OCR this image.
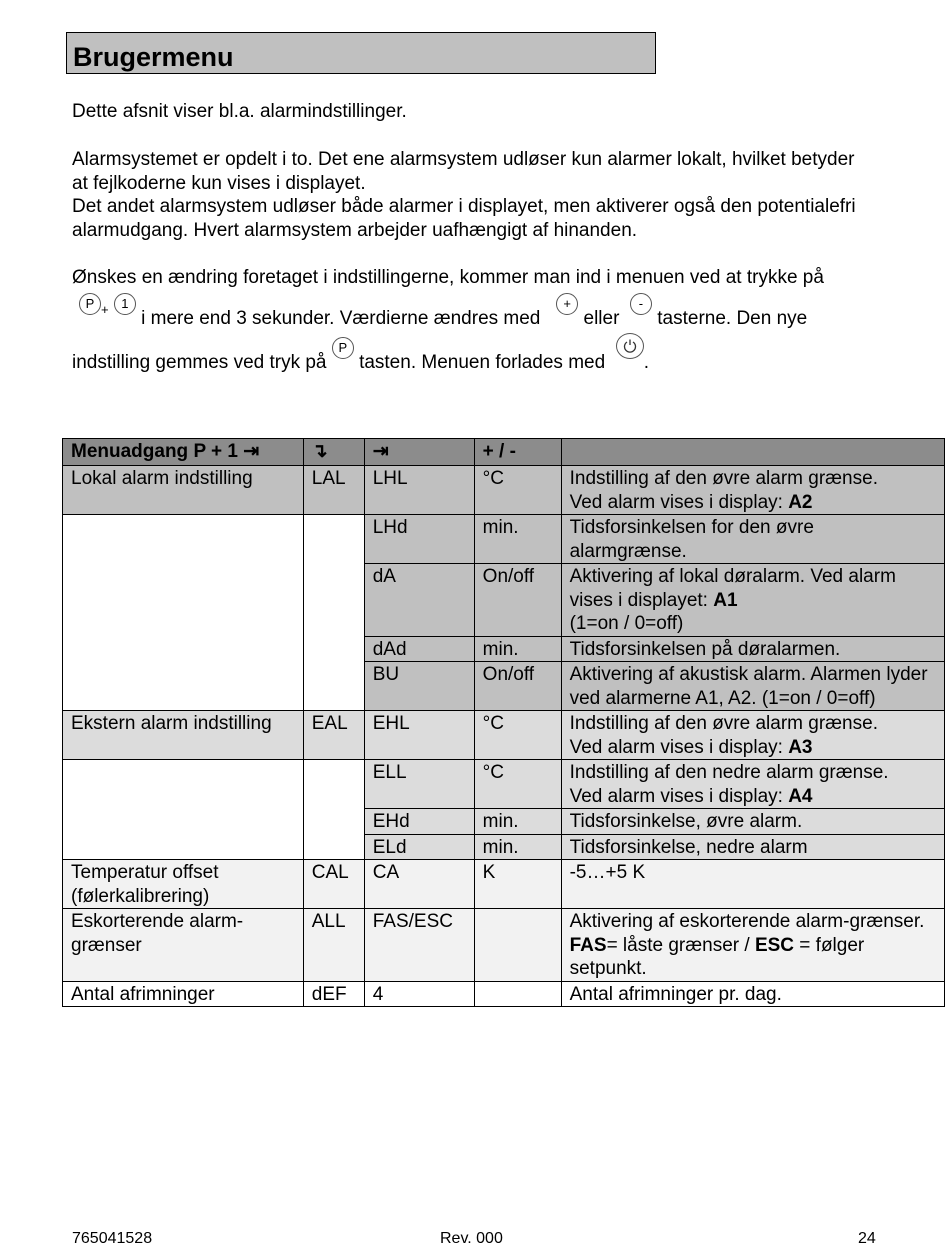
Brugermenu
Dette afsnit viser bl.a. alarmindstillinger.
Alarmsystemet er opdelt i to. Det ene alarmsystem udløser kun alarmer lokalt, hvilket betyder
at fejlkoderne kun vises i displayet.
Det andet alarmsystem udløser både alarmer i displayet, men aktiverer også den potentialefri
alarmudgang. Hvert alarmsystem arbejder uafhængigt af hinanden.
Ønskes en ændring foretaget i indstillingerne, kommer man ind i menuen ved at trykke på
P + 1 i mere end 3 sekunder. Værdierne ændres med   + eller  - tasterne. Den nye
indstilling gemmes ved tryk på P tasten. Menuen forlades med .
Menuadgang P + 1 ⇥	↴	⇥	+ / -	
Lokal alarm indstilling	LAL	LHL	°C	Indstilling af den øvre alarm grænse.
Ved alarm vises i display: A2
		LHd	min.	Tidsforsinkelsen for den øvre alarmgrænse.
		dA	On/off	Aktivering af lokal døralarm. Ved alarm vises i displayet: A1
(1=on / 0=off)
		dAd	min.	Tidsforsinkelsen på døralarmen.
		BU	On/off	Aktivering af akustisk alarm. Alarmen lyder ved alarmerne A1, A2. (1=on / 0=off)
Ekstern alarm indstilling	EAL	EHL	°C	Indstilling af den øvre alarm grænse.
Ved alarm vises i display: A3
		ELL	°C	Indstilling af den nedre alarm grænse.
Ved alarm vises i display: A4
		EHd	min.	Tidsforsinkelse, øvre alarm.
		ELd	min.	Tidsforsinkelse, nedre alarm
Temperatur offset (følerkalibrering)	CAL	CA	K	-5…+5 K
Eskorterende alarm-grænser	ALL	FAS/ESC		Aktivering af eskorterende alarm-grænser.
FAS= låste grænser / ESC = følger setpunkt.
Antal afrimninger	dEF	4		Antal afrimninger pr. dag.
765041528	Rev. 000	24
